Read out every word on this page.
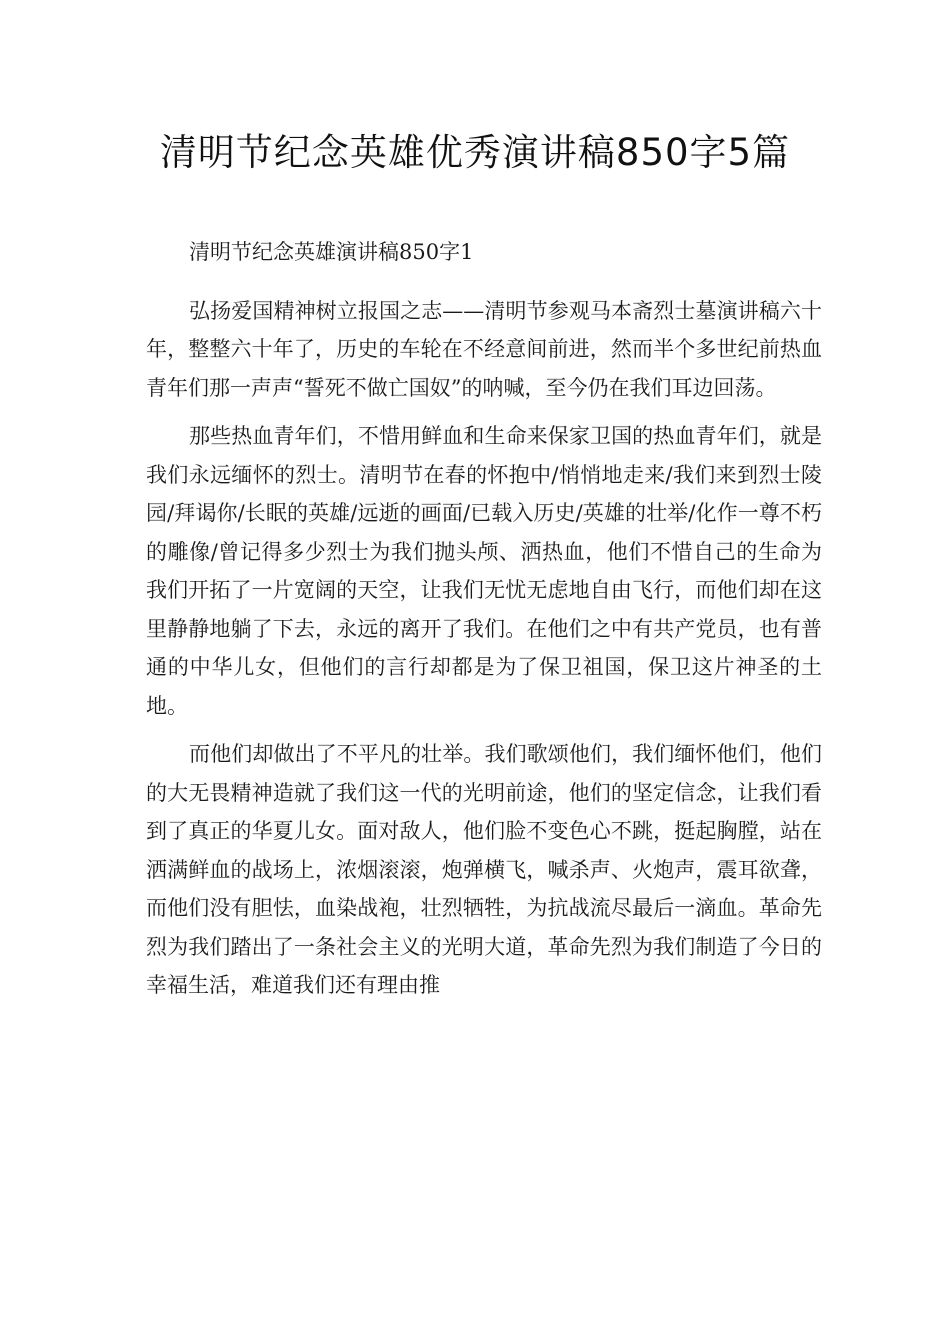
清明节纪念英雄优秀演讲稿850字5篇

清明节纪念英雄演讲稿850字1

弘扬爱国精神树立报国之志——清明节参观马本斋烈士墓演讲稿六十年，整整六十年了，历史的车轮在不经意间前进，然而半个多世纪前热血青年们那一声声“誓死不做亡国奴”的呐喊，至今仍在我们耳边回荡。

那些热血青年们，不惜用鲜血和生命来保家卫国的热血青年们，就是我们永远缅怀的烈士。清明节在春的怀抱中/悄悄地走来/我们来到烈士陵园/拜谒你/长眠的英雄/远逝的画面/已载入历史/英雄的壮举/化作一尊不朽的雕像/曾记得多少烈士为我们抛头颅、洒热血，他们不惜自己的生命为我们开拓了一片宽阔的天空，让我们无忧无虑地自由飞行，而他们却在这里静静地躺了下去，永远的离开了我们。在他们之中有共产党员，也有普通的中华儿女，但他们的言行却都是为了保卫祖国，保卫这片神圣的土地。

而他们却做出了不平凡的壮举。我们歌颂他们，我们缅怀他们，他们的大无畏精神造就了我们这一代的光明前途，他们的坚定信念，让我们看到了真正的华夏儿女。面对敌人，他们脸不变色心不跳，挺起胸膛，站在洒满鲜血的战场上，浓烟滚滚，炮弹横飞，喊杀声、火炮声，震耳欲聋，而他们没有胆怯，血染战袍，壮烈牺牲，为抗战流尽最后一滴血。革命先烈为我们踏出了一条社会主义的光明大道，革命先烈为我们制造了今日的幸福生活，难道我们还有理由推
